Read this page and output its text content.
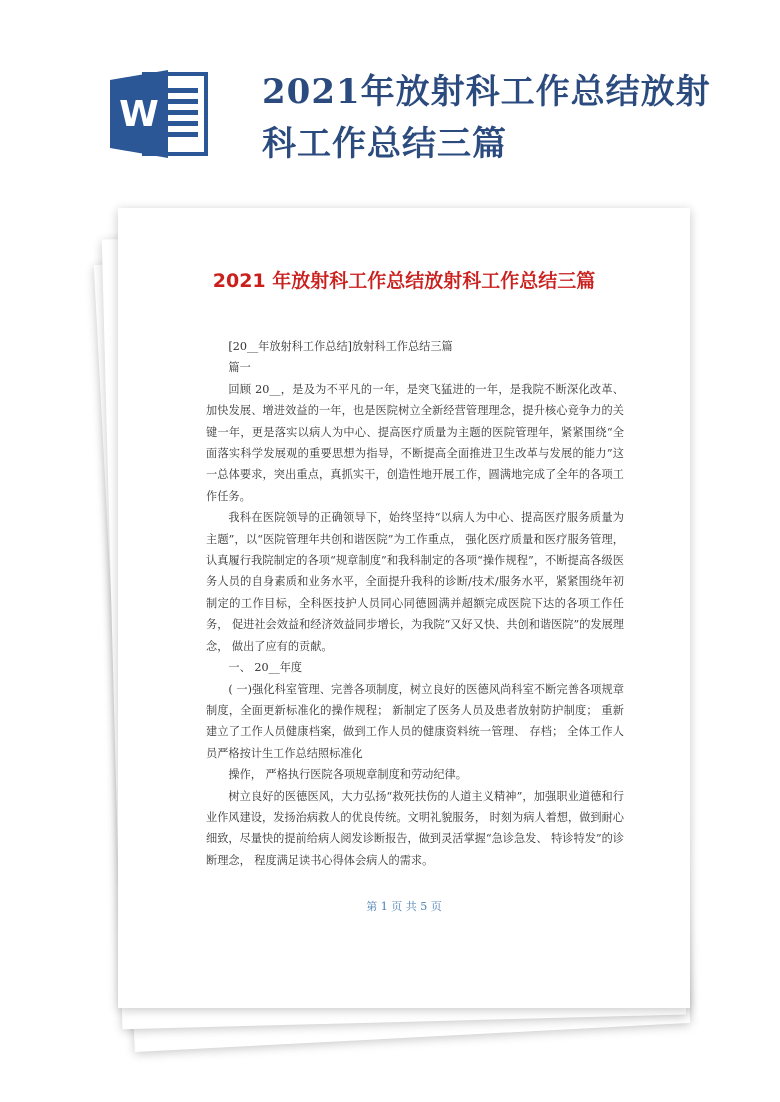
W
2021年放射科工作总结放射科工作总结三篇
2021 年放射科工作总结放射科工作总结三篇

[20__年放射科工作总结]放射科工作总结三篇

篇一

回顾 20__，是及为不平凡的一年，是突飞猛进的一年，是我院不断深化改革、加快发展、增进效益的一年，也是医院树立全新经营管理理念，提升核心竞争力的关键一年，更是落实以病人为中心、提高医疗质量为主题的医院管理年，紧紧围绕“全面落实科学发展观的重要思想为指导，不断提高全面推进卫生改革与发展的能力”这一总体要求，突出重点，真抓实干，创造性地开展工作，圆满地完成了全年的各项工作任务。

我科在医院领导的正确领导下，始终坚持“以病人为中心、提高医疗服务质量为主题”，以“医院管理年共创和谐医院”为工作重点， 强化医疗质量和医疗服务管理， 认真履行我院制定的各项“规章制度”和我科制定的各项“操作规程”，不断提高各级医务人员的自身素质和业务水平，全面提升我科的诊断/技术/服务水平，紧紧围绕年初制定的工作目标，全科医技护人员同心同德圆满并超额完成医院下达的各项工作任务， 促进社会效益和经济效益同步增长，为我院“又好又快、共创和谐医院”的发展理念， 做出了应有的贡献。

一、 20__年度

( 一)强化科室管理、完善各项制度，树立良好的医德风尚科室不断完善各项规章制度，全面更新标准化的操作规程； 新制定了医务人员及患者放射防护制度； 重新建立了工作人员健康档案，做到工作人员的健康资料统一管理、 存档； 全体工作人员严格按计生工作总结照标准化

操作， 严格执行医院各项规章制度和劳动纪律。

树立良好的医德医风，大力弘扬“救死扶伤的人道主义精神”，加强职业道德和行业作风建设，发扬治病救人的优良传统。文明礼貌服务， 时刻为病人着想，做到耐心细致，尽量快的提前给病人阅发诊断报告，做到灵活掌握“急诊急发、 特诊特发”的诊断理念， 程度满足读书心得体会病人的需求。

第 1 页 共 5 页
